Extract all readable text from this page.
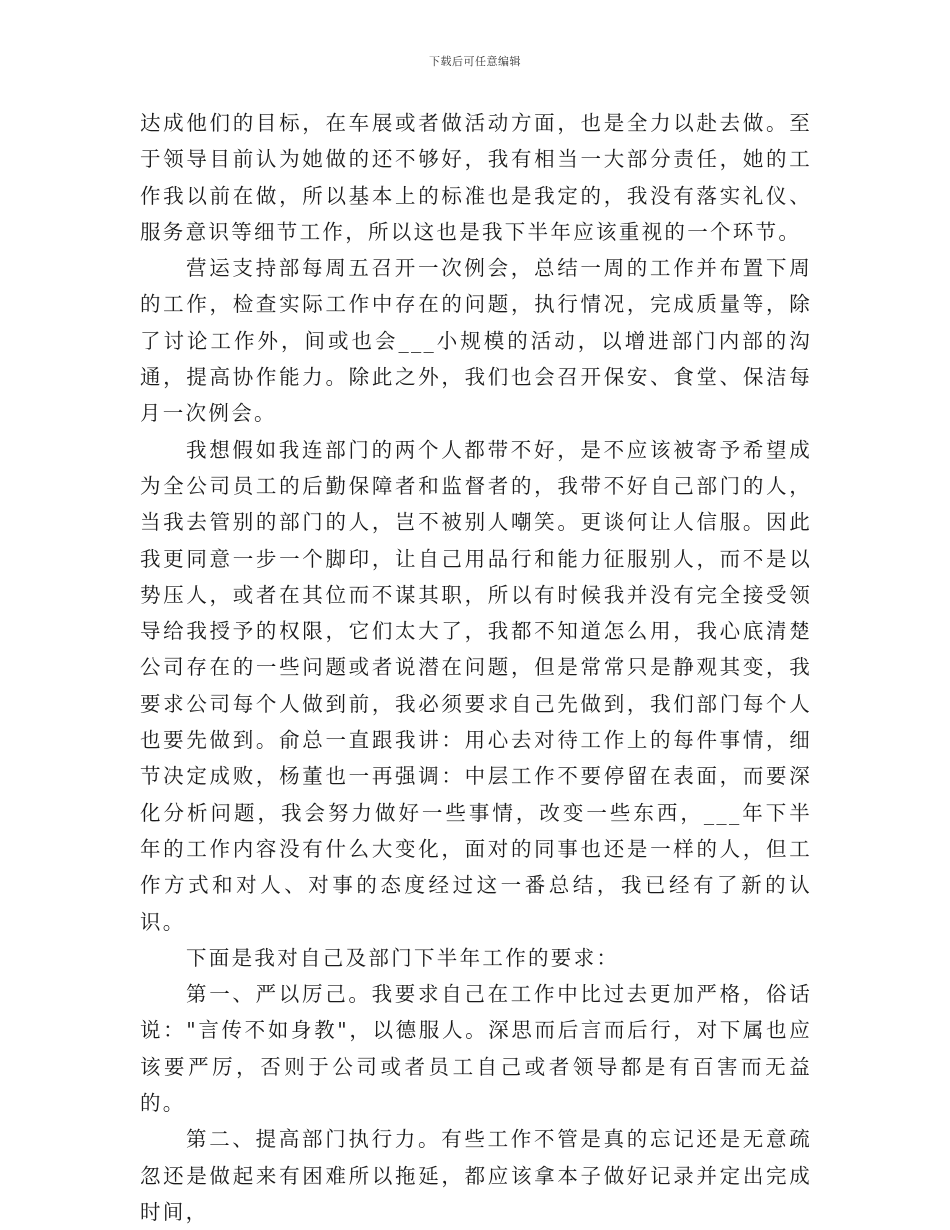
下载后可任意编辑

达成他们的目标，在车展或者做活动方面，也是全力以赴去做。至于领导目前认为她做的还不够好，我有相当一大部分责任，她的工作我以前在做，所以基本上的标准也是我定的，我没有落实礼仪、服务意识等细节工作，所以这也是我下半年应该重视的一个环节。

营运支持部每周五召开一次例会，总结一周的工作并布置下周的工作，检查实际工作中存在的问题，执行情况，完成质量等，除了讨论工作外，间或也会___小规模的活动，以增进部门内部的沟通，提高协作能力。除此之外，我们也会召开保安、食堂、保洁每月一次例会。

我想假如我连部门的两个人都带不好，是不应该被寄予希望成为全公司员工的后勤保障者和监督者的，我带不好自己部门的人，当我去管别的部门的人，岂不被别人嘲笑。更谈何让人信服。因此我更同意一步一个脚印，让自己用品行和能力征服别人，而不是以势压人，或者在其位而不谋其职，所以有时候我并没有完全接受领导给我授予的权限，它们太大了，我都不知道怎么用，我心底清楚公司存在的一些问题或者说潜在问题，但是常常只是静观其变，我要求公司每个人做到前，我必须要求自己先做到，我们部门每个人也要先做到。俞总一直跟我讲：用心去对待工作上的每件事情，细节决定成败，杨董也一再强调：中层工作不要停留在表面，而要深化分析问题，我会努力做好一些事情，改变一些东西，___年下半年的工作内容没有什么大变化，面对的同事也还是一样的人，但工作方式和对人、对事的态度经过这一番总结，我已经有了新的认识。

下面是我对自己及部门下半年工作的要求：

第一、严以厉己。我要求自己在工作中比过去更加严格，俗话说："言传不如身教"，以德服人。深思而后言而后行，对下属也应该要严厉，否则于公司或者员工自己或者领导都是有百害而无益的。

第二、提高部门执行力。有些工作不管是真的忘记还是无意疏忽还是做起来有困难所以拖延，都应该拿本子做好记录并定出完成时间，
